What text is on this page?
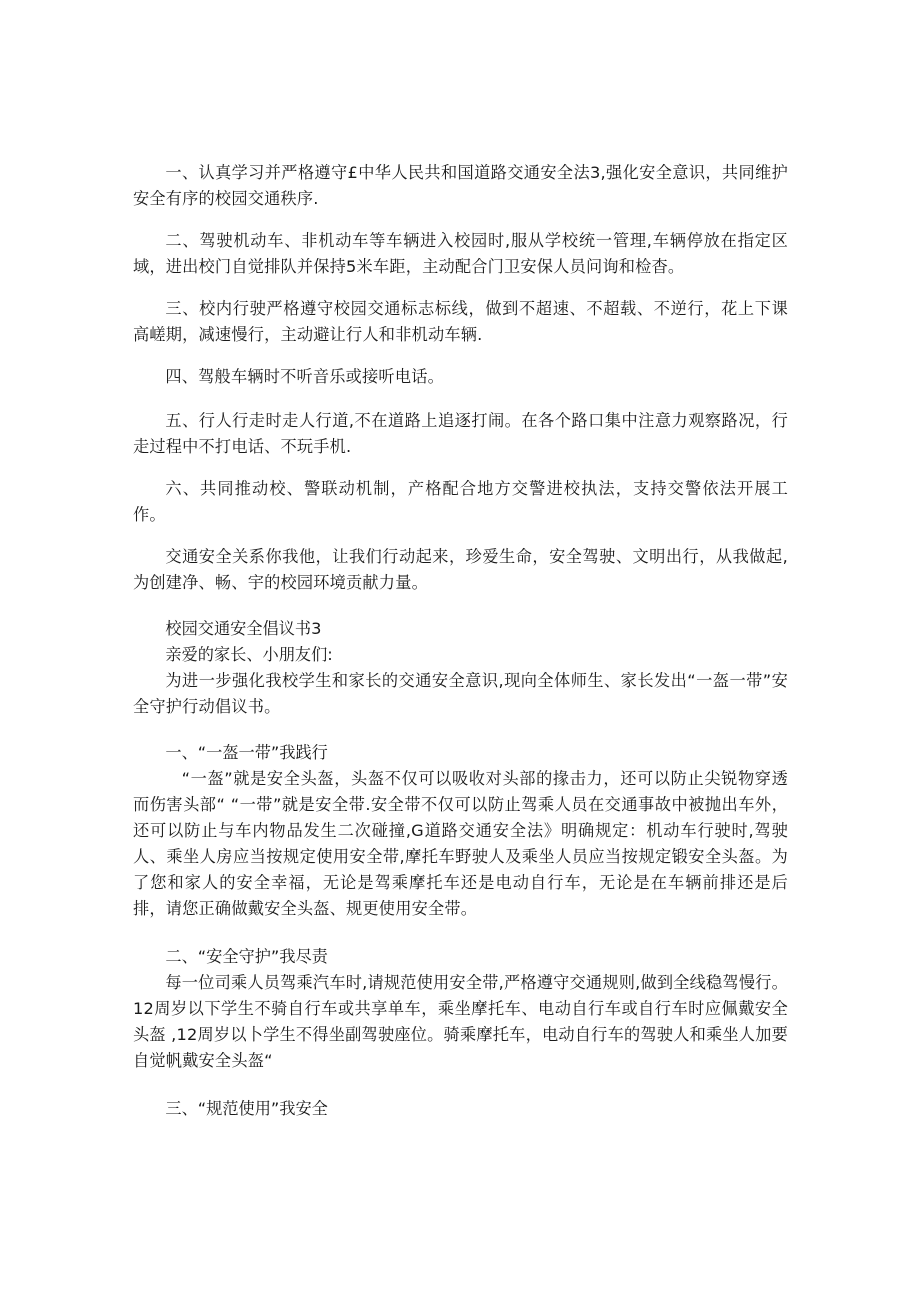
一、认真学习并严格遵守£中华人民共和国道路交通安全法3,强化安全意识，共同维护安全有序的校园交通秩序.

二、驾驶机动车、非机动车等车辆进入校园时,服从学校统一管理,车辆停放在指定区域，进出校门自觉排队并保持5米车距，主动配合门卫安保人员问询和检杳。

三、校内行驶严格遵守校园交通标志标线，做到不超速、不超载、不逆行，花上下课高嵯期，减速慢行，主动避让行人和非机动车辆.

四、驾般车辆时不听音乐或接听电话。

五、行人行走时走人行道,不在道路上追逐打闹。在各个路口集中注意力观察路况，行走过程中不打电话、不玩手机.

六、共同推动校、警联动机制，产格配合地方交警进校执法，支持交警依法开展工作。

交通安全关系你我他，让我们行动起来，珍爱生命，安全驾驶、文明出行，从我做起,为创建净、畅、宇的校园环境贡献力量。

校园交通安全倡议书3

亲爱的家长、小朋友们:

为进一步强化我校学生和家长的交通安全意识,现向全体师生、家长发出“一盔一带”安全守护行动倡议书。

一、“一盔一带”我践行

“一盔”就是安全头盔，头盔不仅可以吸收对头部的掾击力，还可以防止尖锐物穿透而伤害头部“ “一带”就是安全带.安全带不仅可以防止驾乘人员在交通事故中被抛出车外，还可以防止与车内物品发生二次碰撞,G道路交通安全法》明确规定：机动车行驶时,驾驶人、乘坐人房应当按规定使用安全带,摩托车野驶人及乘坐人员应当按规定锻安全头盔。为了您和家人的安全幸福，无论是驾乘摩托车还是电动自行车，无论是在车辆前排还是后排，请您正确做戴安全头盔、规更使用安全带。

二、“安全守护”我尽责

每一位司乘人员驾乘汽车时,请规范使用安全带,严格遵守交通规则,做到全线稳驾慢行。12周岁以下学生不骑自行车或共享单车，乘坐摩托车、电动自行车或自行车时应佩戴安全头盔 ,12周岁以卜学生不得坐副驾驶座位。骑乘摩托车，电动自行车的驾驶人和乘坐人加要自觉帆戴安全头盔“

三、“规范使用”我安全
